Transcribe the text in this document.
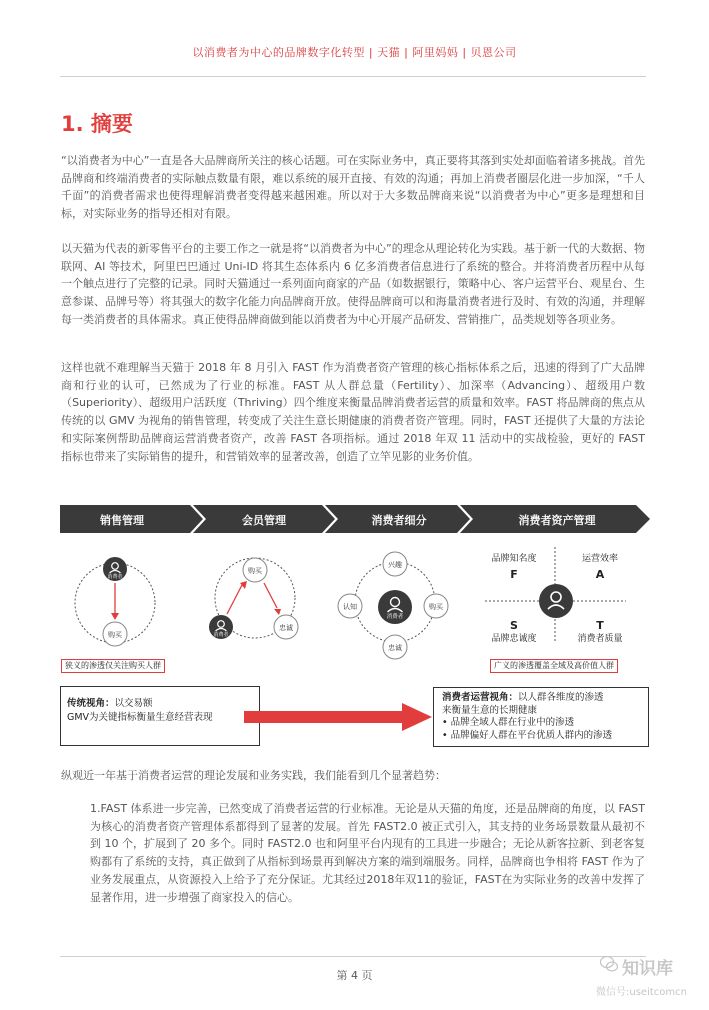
以消费者为中心的品牌数字化转型 | 天猫 | 阿里妈妈 | 贝恩公司
1. 摘要

“以消费者为中心”一直是各大品牌商所关注的核心话题。可在实际业务中，真正要将其落到实处却面临着诸多挑战。首先品牌商和终端消费者的实际触点数量有限，难以系统的展开直接、有效的沟通；再加上消费者圈层化进一步加深，“千人千面”的消费者需求也使得理解消费者变得越来越困难。所以对于大多数品牌商来说“以消费者为中心”更多是理想和目标，对实际业务的指导还相对有限。

以天猫为代表的新零售平台的主要工作之一就是将“以消费者为中心”的理念从理论转化为实践。基于新一代的大数据、物联网、AI 等技术，阿里巴巴通过 Uni-ID 将其生态体系内 6 亿多消费者信息进行了系统的整合。并将消费者历程中从每一个触点进行了完整的记录。同时天猫通过一系列面向商家的产品（如数据银行，策略中心、客户运营平台、观星台、生意参谋、品牌号等）将其强大的数字化能力向品牌商开放。使得品牌商可以和海量消费者进行及时、有效的沟通，并理解每一类消费者的具体需求。真正使得品牌商做到能以消费者为中心开展产品研发、营销推广，品类规划等各项业务。

这样也就不难理解当天猫于 2018 年 8 月引入 FAST 作为消费者资产管理的核心指标体系之后，迅速的得到了广大品牌商和行业的认可，已然成为了行业的标准。FAST 从人群总量（Fertility）、加深率（Advancing）、超级用户数（Superiority）、超级用户活跃度（Thriving）四个维度来衡量品牌消费者运营的质量和效率。FAST 将品牌商的焦点从传统的以 GMV 为视角的销售管理，转变成了关注生意长期健康的消费者资产管理。同时，FAST 还提供了大量的方法论和实际案例帮助品牌商运营消费者资产，改善 FAST 各项指标。通过 2018 年双 11 活动中的实战检验，更好的 FAST 指标也带来了实际销售的提升，和营销效率的显著改善，创造了立竿见影的业务价值。

销售管理	会员管理	消费者细分	消费者资产管理
消费者
购买
购买
消费者
忠诚
兴趣
认知	购买
忠诚
消费者
品牌知名度
F
运营效率
A
S
品牌忠诚度
T
消费者质量
狭义的渗透仅关注购买人群	广义的渗透覆盖全域及高价值人群
传统视角：以交易额
GMV为关键指标衡量生意经营表现
消费者运营视角：以人群各维度的渗透
来衡量生意的长期健康
• 品牌全域人群在行业中的渗透
• 品牌偏好人群在平台优质人群内的渗透

纵观近一年基于消费者运营的理论发展和业务实践，我们能看到几个显著趋势：

1.FAST 体系进一步完善，已然变成了消费者运营的行业标准。无论是从天猫的角度，还是品牌商的角度，以 FAST 为核心的消费者资产管理体系都得到了显著的发展。首先 FAST2.0 被正式引入，其支持的业务场景数量从最初不到 10 个，扩展到了 20 多个。同时 FAST2.0 也和阿里平台内现有的工具进一步融合；无论从新客拉新、到老客复购都有了系统的支持，真正做到了从指标到场景再到解决方案的端到端服务。同样，品牌商也争相将 FAST 作为了业务发展重点，从资源投入上给予了充分保证。尤其经过2018年双11的验证，FAST在为实际业务的改善中发挥了显著作用，进一步增强了商家投入的信心。

第 4 页	知识库
微信号:useitcomcn
